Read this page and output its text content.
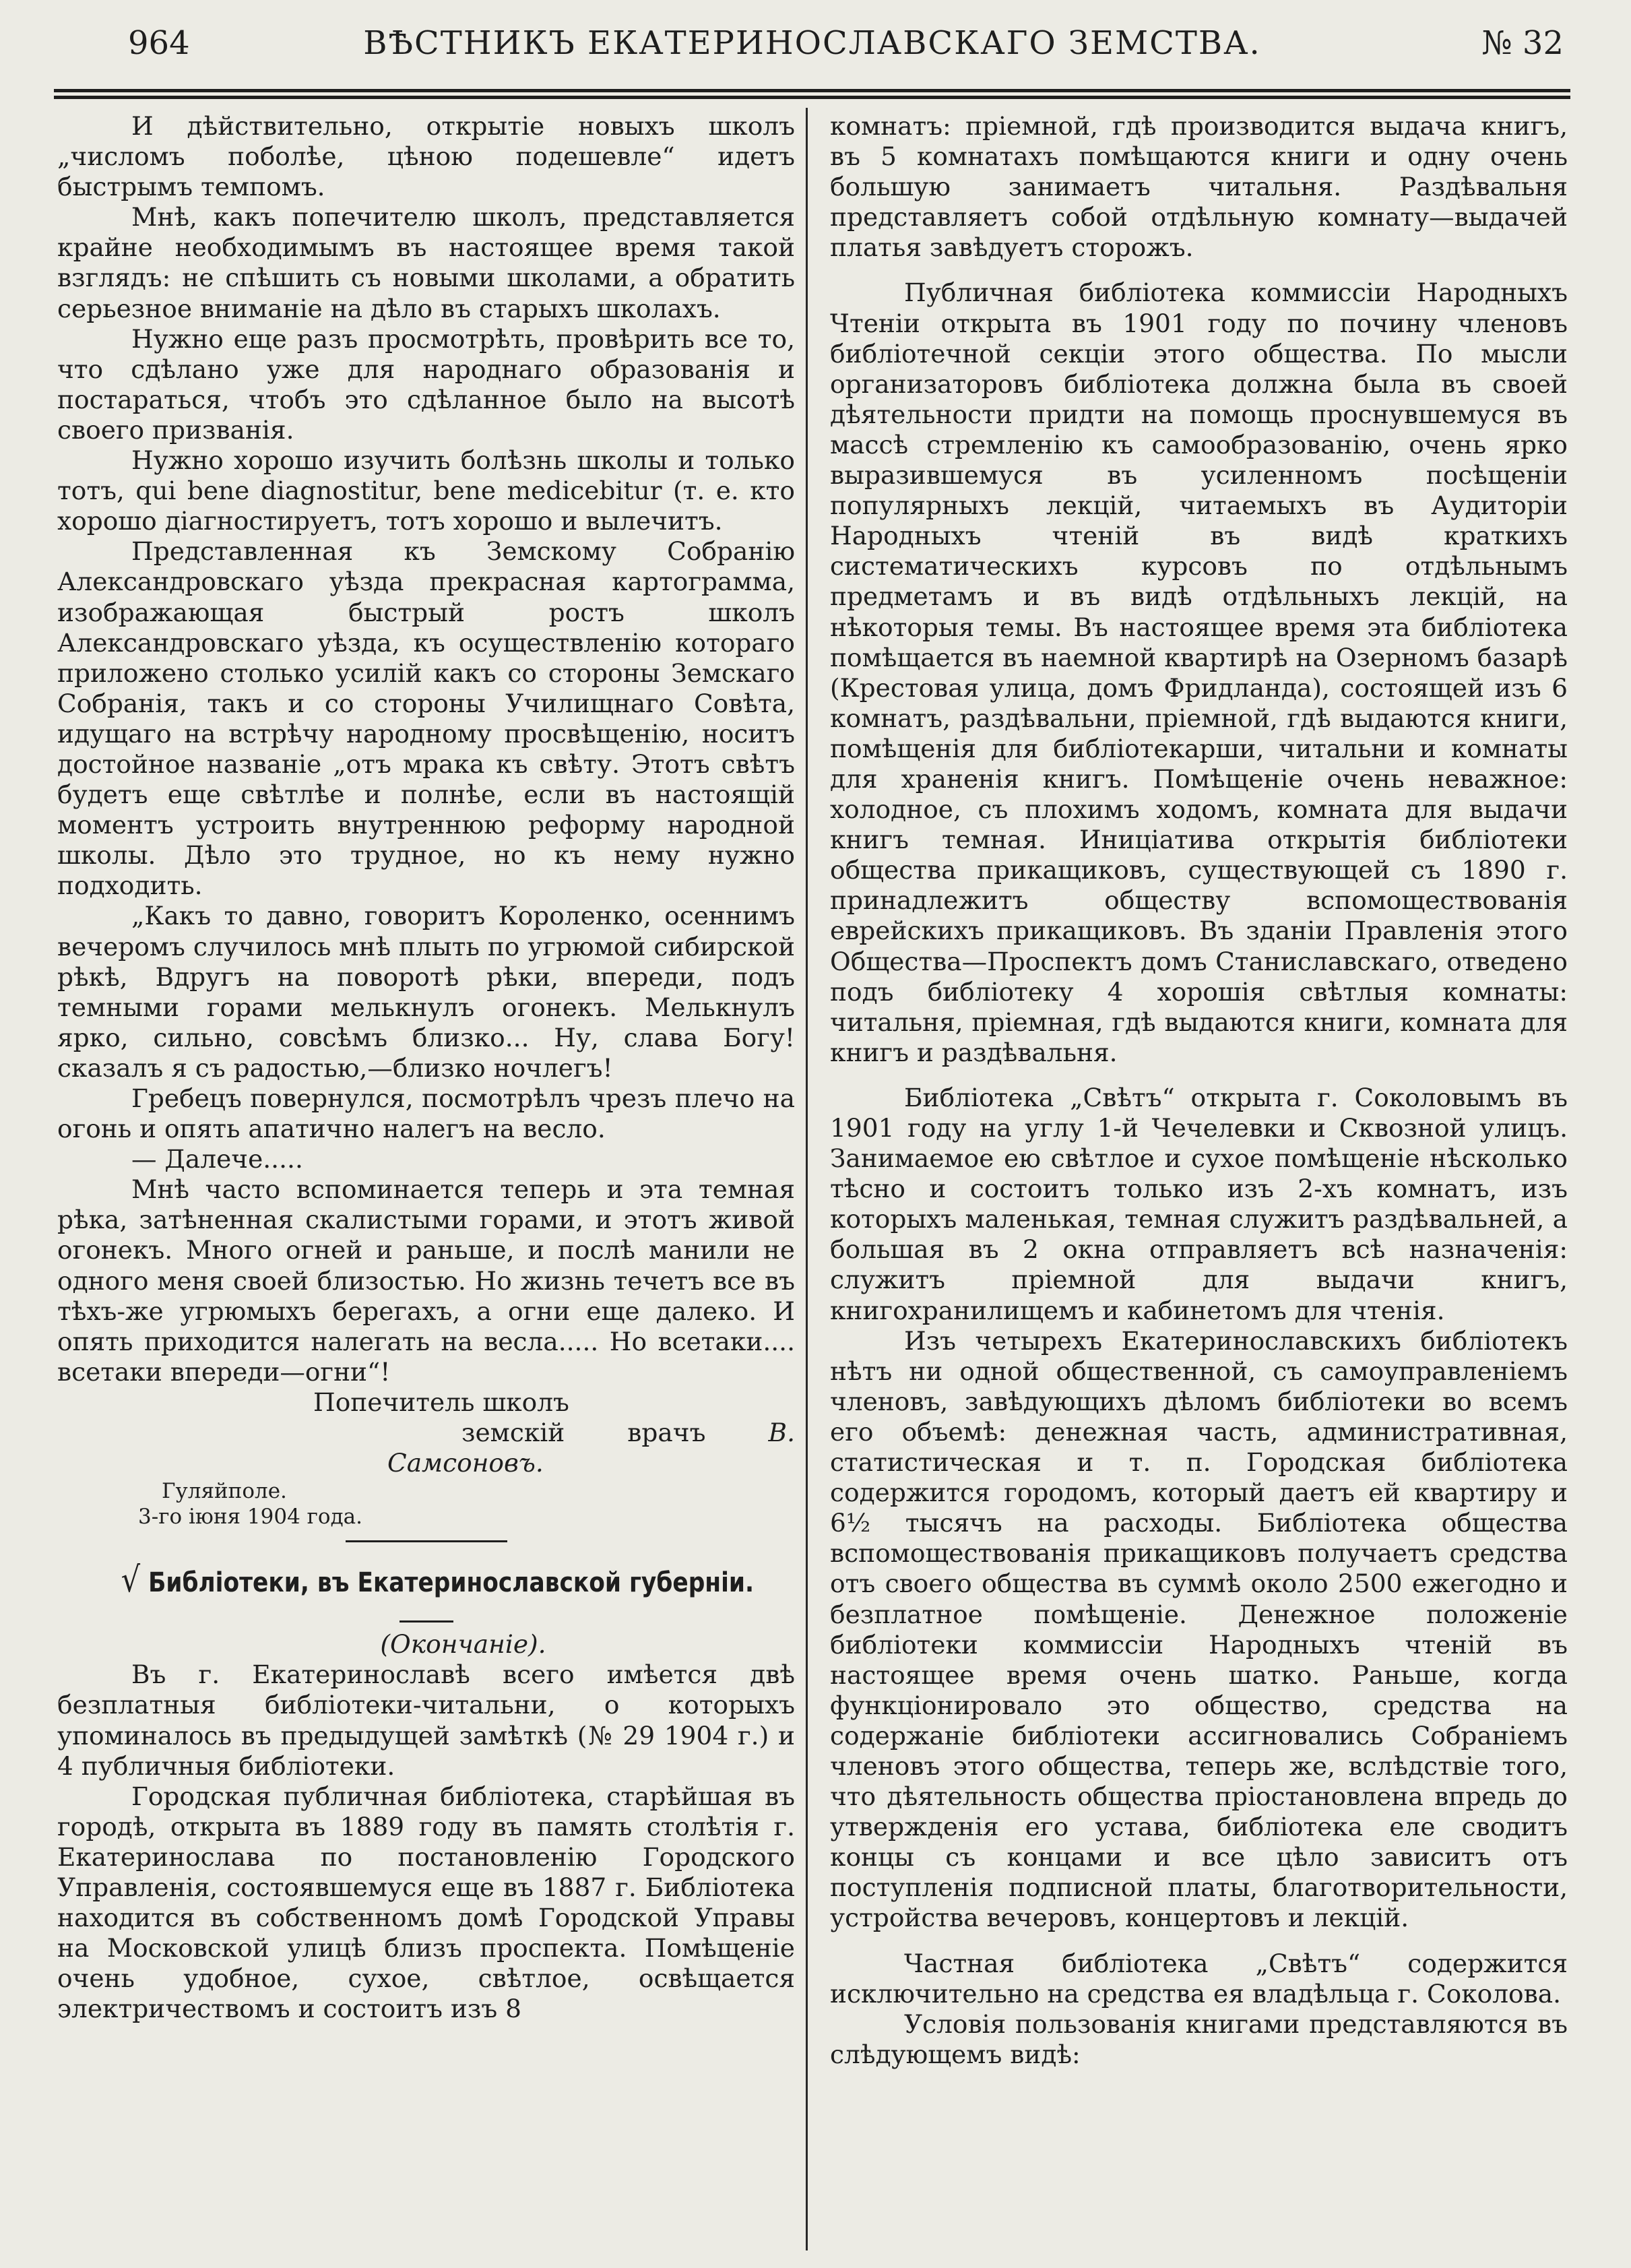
964	ВѢСТНИКЪ ЕКАТЕРИНОСЛАВСКАГО ЗЕМСТВА.	№ 32

И дѣйствительно, открытіе новыхъ школъ „числомъ поболѣе, цѣною подешевле“ идетъ быстрымъ темпомъ.

Мнѣ, какъ попечителю школъ, представляется крайне необходимымъ въ настоящее время такой взглядъ: не спѣшить съ новыми школами, а обратить серьезное вниманіе на дѣло въ старыхъ школахъ.

Нужно еще разъ просмотрѣть, провѣрить все то, что сдѣлано уже для народнаго образованія и постараться, чтобъ это сдѣланное было на высотѣ своего призванія.

Нужно хорошо изучить болѣзнь школы и только тотъ, qui bene diagnostitur, bene medicebitur (т. е. кто хорошо діагностируетъ, тотъ хорошо и вылечитъ.

Представленная къ Земскому Собранію Александровскаго уѣзда прекрасная картограмма, изображающая быстрый ростъ школъ Александровскаго уѣзда, къ осуществленію котораго приложено столько усилій какъ со стороны Земскаго Собранія, такъ и со стороны Училищнаго Совѣта, идущаго на встрѣчу народному просвѣщенію, носитъ достойное названіе „отъ мрака къ свѣту. Этотъ свѣтъ будетъ еще свѣтлѣе и полнѣе, если въ настоящій моментъ устроить внутреннюю реформу народной школы. Дѣло это трудное, но къ нему нужно подходить.

„Какъ то давно, говоритъ Короленко, осеннимъ вечеромъ случилось мнѣ плыть по угрюмой сибирской рѣкѣ, Вдругъ на поворотѣ рѣки, впереди, подъ темными горами мелькнулъ огонекъ. Мелькнулъ ярко, сильно, совсѣмъ близко... Ну, слава Богу! сказалъ я съ радостью,—близко ночлегъ!

Гребецъ повернулся, посмотрѣлъ чрезъ плечо на огонь и опять апатично налегъ на весло.

— Далече.....

Мнѣ часто вспоминается теперь и эта темная рѣка, затѣненная скалистыми горами, и этотъ живой огонекъ. Много огней и раньше, и послѣ манили не одного меня своей близостью. Но жизнь течетъ все въ тѣхъ-же угрюмыхъ берегахъ, а огни еще далеко. И опять приходится налегать на весла..... Но всетаки.... всетаки впереди—огни“!

Попечитель школъ

земскій врачъ В. Самсоновъ.

Гуляйполе.

3-го іюня 1904 года.

√ Библіотеки, въ Екатеринославской губерніи.

(Окончаніе).

Въ г. Екатеринославѣ всего имѣется двѣ безплатныя библіотеки-читальни, о которыхъ упоминалось въ предыдущей замѣткѣ (№ 29 1904 г.) и 4 публичныя библіотеки.

Городская публичная библіотека, старѣйшая въ городѣ, открыта въ 1889 году въ память столѣтія г. Екатеринослава по постановленію Городского Управленія, состоявшемуся еще въ 1887 г. Библіотека находится въ собственномъ домѣ Городской Управы на Московской улицѣ близъ проспекта. Помѣщеніе очень удобное, сухое, свѣтлое, освѣщается электричествомъ и состоитъ изъ 8

комнатъ: пріемной, гдѣ производится выдача книгъ, въ 5 комнатахъ помѣщаются книги и одну очень большую занимаетъ читальня. Раздѣвальня представляетъ собой отдѣльную комнату—выдачей платья завѣдуетъ сторожъ.

Публичная библіотека коммиссіи Народныхъ Чтеніи открыта въ 1901 году по почину членовъ библіотечной секціи этого общества. По мысли организаторовъ библіотека должна была въ своей дѣятельности придти на помощь проснувшемуся въ массѣ стремленію къ самообразованію, очень ярко выразившемуся въ усиленномъ посѣщеніи популярныхъ лекцій, читаемыхъ въ Аудиторіи Народныхъ чтеній въ видѣ краткихъ систематическихъ курсовъ по отдѣльнымъ предметамъ и въ видѣ отдѣльныхъ лекцій, на нѣкоторыя темы. Въ настоящее время эта библіотека помѣщается въ наемной квартирѣ на Озерномъ базарѣ (Крестовая улица, домъ Фридланда), состоящей изъ 6 комнатъ, раздѣвальни, пріемной, гдѣ выдаются книги, помѣщенія для библіотекарши, читальни и комнаты для храненія книгъ. Помѣщеніе очень неважное: холодное, съ плохимъ ходомъ, комната для выдачи книгъ темная. Иниціатива открытія библіотеки общества прикащиковъ, существующей съ 1890 г. принадлежитъ обществу вспомоществованія еврейскихъ прикащиковъ. Въ зданіи Правленія этого Общества—Проспектъ домъ Станиславскаго, отведено подъ библіотеку 4 хорошія свѣтлыя комнаты: читальня, пріемная, гдѣ выдаются книги, комната для книгъ и раздѣвальня.

Библіотека „Свѣтъ“ открыта г. Соколовымъ въ 1901 году на углу 1-й Чечелевки и Сквозной улицъ. Занимаемое ею свѣтлое и сухое помѣщеніе нѣсколько тѣсно и состоитъ только изъ 2-хъ комнатъ, изъ которыхъ маленькая, темная служитъ раздѣвальней, а большая въ 2 окна отправляетъ всѣ назначенія: служитъ пріемной для выдачи книгъ, книгохранилищемъ и кабинетомъ для чтенія.

Изъ четырехъ Екатеринославскихъ библіотекъ нѣтъ ни одной общественной, съ самоуправленіемъ членовъ, завѣдующихъ дѣломъ библіотеки во всемъ его объемѣ: денежная часть, административная, статистическая и т. п. Городская библіотека содержится городомъ, который даетъ ей квартиру и 6½ тысячъ на расходы. Библіотека общества вспомоществованія прикащиковъ получаетъ средства отъ своего общества въ суммѣ около 2500 ежегодно и безплатное помѣщеніе. Денежное положеніе библіотеки коммиссіи Народныхъ чтеній въ настоящее время очень шатко. Раньше, когда функціонировало это общество, средства на содержаніе библіотеки ассигновались Собраніемъ членовъ этого общества, теперь же, вслѣдствіе того, что дѣятельность общества пріостановлена впредь до утвержденія его устава, библіотека еле сводитъ концы съ концами и все цѣло зависитъ отъ поступленія подписной платы, благотворительности, устройства вечеровъ, концертовъ и лекцій.

Частная библіотека „Свѣтъ“ содержится исключительно на средства ея владѣльца г. Соколова.

Условія пользованія книгами представляются въ слѣдующемъ видѣ:
